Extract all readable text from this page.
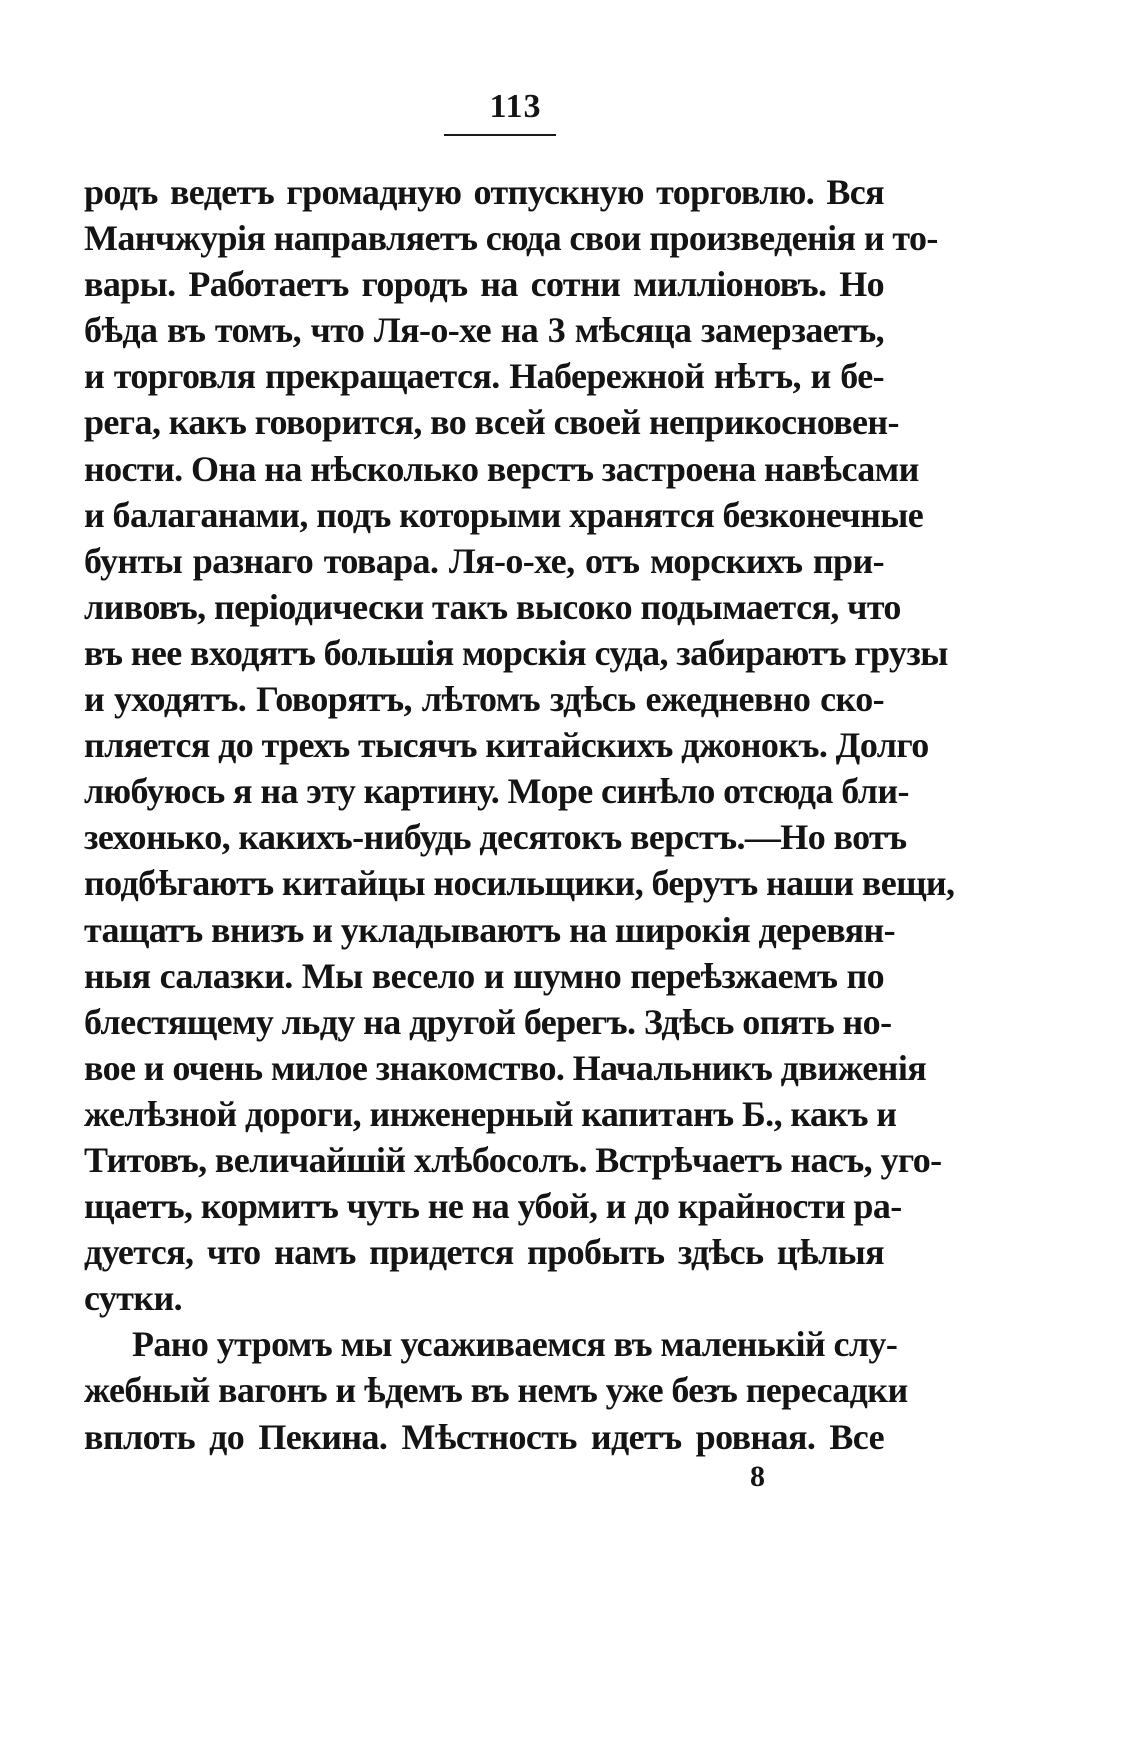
113
родъ ведетъ громадную отпускную торговлю. Вся
Манчжурія направляетъ сюда свои произведенія и то-
вары. Работаетъ городъ на сотни милліоновъ. Но
бѣда въ томъ, что Ля-о-хе на 3 мѣсяца замерзаетъ,
и торговля прекращается. Набережной нѣтъ, и бе-
рега, какъ говорится, во всей своей неприкосновен-
ности. Она на нѣсколько верстъ застроена навѣсами
и балаганами, подъ которыми хранятся безконечные
бунты разнаго товара. Ля-о-хе, отъ морскихъ при-
ливовъ, періодически такъ высоко подымается, что
въ нее входятъ большія морскія суда, забираютъ грузы
и уходятъ. Говорятъ, лѣтомъ здѣсь ежедневно ско-
пляется до трехъ тысячъ китайскихъ джонокъ. Долго
любуюсь я на эту картину. Море синѣло отсюда бли-
зехонько, какихъ-нибудь десятокъ верстъ.—Но вотъ
подбѣгаютъ китайцы носильщики, берутъ наши вещи,
тащатъ внизъ и укладываютъ на широкія деревян-
ныя салазки. Мы весело и шумно переѣзжаемъ по
блестящему льду на другой берегъ. Здѣсь опять но-
вое и очень милое знакомство. Начальникъ движенія
желѣзной дороги, инженерный капитанъ Б., какъ и
Титовъ, величайшій хлѣбосолъ. Встрѣчаетъ насъ, уго-
щаетъ, кормитъ чуть не на убой, и до крайности ра-
дуется, что намъ придется пробыть здѣсь цѣлыя
сутки.
Рано утромъ мы усаживаемся въ маленькій слу-
жебный вагонъ и ѣдемъ въ немъ уже безъ пересадки
вплоть до Пекина. Мѣстность идетъ ровная. Все
8
